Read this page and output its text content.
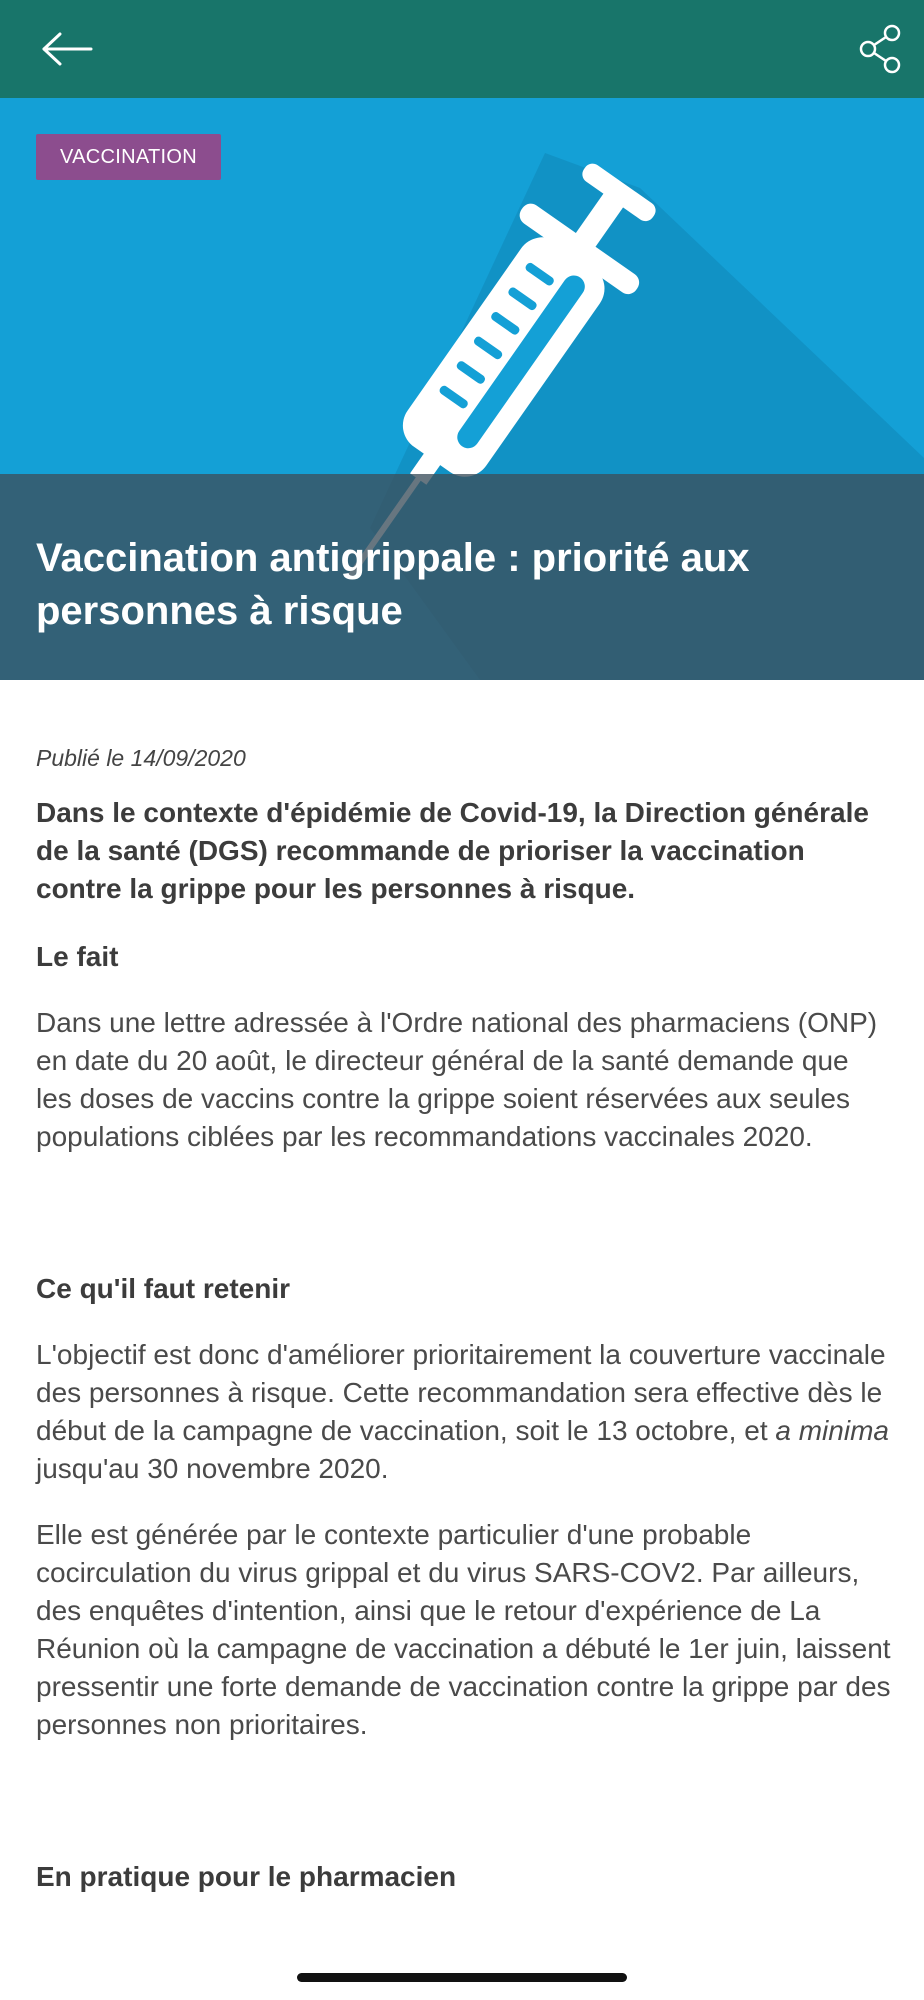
VACCINATION
Vaccination antigrippale : priorité aux personnes à risque

Publié le 14/09/2020

Dans le contexte d'épidémie de Covid-19, la Direction générale de la santé (DGS) recommande de prioriser la vaccination contre la grippe pour les personnes à risque.

Le fait

Dans une lettre adressée à l'Ordre national des pharmaciens (ONP) en date du 20 août, le directeur général de la santé demande que les doses de vaccins contre la grippe soient réservées aux seules populations ciblées par les recommandations vaccinales 2020.

Ce qu'il faut retenir

L'objectif est donc d'améliorer prioritairement la couverture vaccinale des personnes à risque. Cette recommandation sera effective dès le début de la campagne de vaccination, soit le 13 octobre, et a minima  jusqu'au 30 novembre 2020.

Elle est générée par le contexte particulier d'une probable cocirculation du virus grippal et du virus SARS-COV2. Par ailleurs, des enquêtes d'intention, ainsi que le retour d'expérience de La Réunion où la campagne de vaccination a débuté le 1er juin, laissent pressentir une forte demande de vaccination contre la grippe par des personnes non prioritaires.

En pratique pour le pharmacien
